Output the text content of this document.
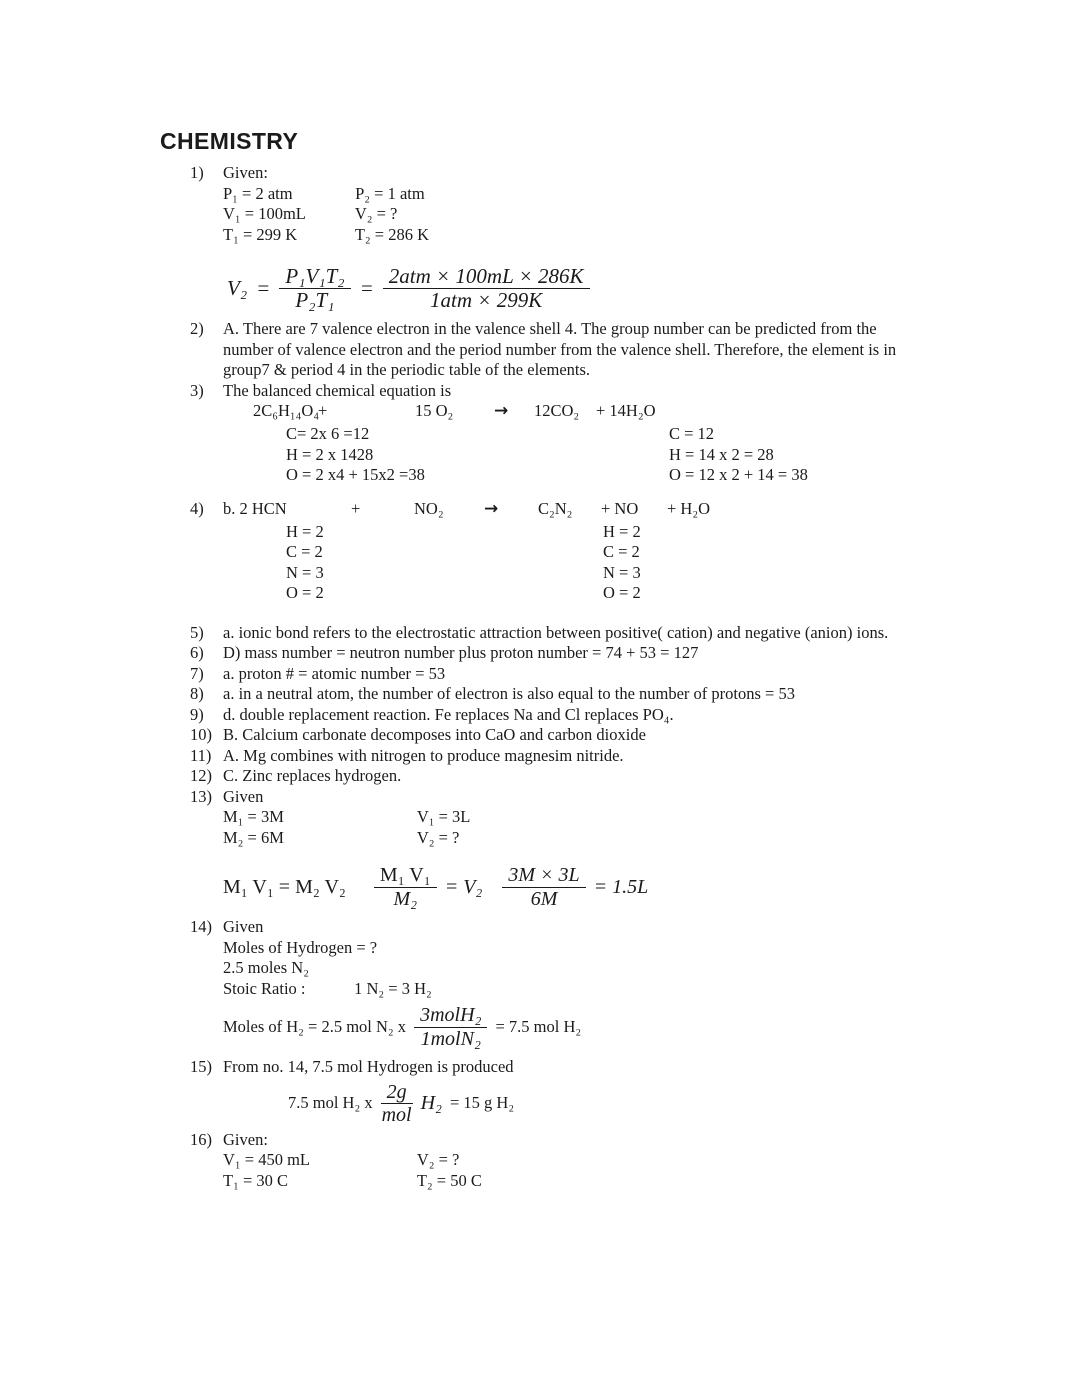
CHEMISTRY
1)	Given:
P₁ = 2 atm	P₂ = 1 atm
V₁ = 100mL	V₂ = ?
T₁ = 299 K	T₂ = 286 K
$V_2 = \frac{\text{P₁V₁T₂}}{\text{P₂T₁}} = \frac{\text{2atm × 100mL × 286K}}{\text{1atm × 299K}}$
2)	A. There are 7 valence electron in the valence shell 4. The group number can be predicted from the number of valence electron and the period number from the valence shell. Therefore, the element is in group7 & period 4 in the periodic table of the elements.
3)	The balanced chemical equation is
2C₆H₁₄O₄
+	15 O₂ → 12CO₂ + 14H₂O
C= 2x 6 =12	C = 12
H = 2 x 1428	H = 14 x 2 = 28
O = 2 x4 + 15x2 =38	O = 12 x 2 + 14 = 38
4)	b. 2 HCN	+	NO₂ → C₂N₂ + NO + H₂O
H = 2	H = 2
C = 2	C = 2
N = 3	N = 3
O = 2	O = 2
5)	a. ionic bond refers to the electrostatic attraction between positive( cation) and negative (anion) ions.
6)	D) mass number = neutron number plus proton number = 74 + 53 = 127
7)	a. proton # = atomic number = 53
8)	a. in a neutral atom, the number of electron is also equal to the number of protons = 53
9)	d. double replacement reaction. Fe replaces Na and Cl replaces PO₄.
10) B. Calcium carbonate decomposes into CaO and carbon dioxide
11) A. Mg combines with nitrogen to produce magnesim nitride.
12) C. Zinc replaces hydrogen.
13) Given
M₁ = 3M	V₁ = 3L
M₂ = 6M	V₂ = ?
M₁ V₁ = M₂ $V_2 \frac{\text{M₁ V₁}}{\text{M₂}} = V_2 \frac{3M \times 3L}{6M} = 1.5L$
14) Given
Moles of Hydrogen = ?
2.5 moles N₂
Stoic Ratio :	1 N₂ = 3 H₂
Moles of H₂ = 2.5 mol N₂ x $\frac{\text{3molH₂}}{\text{1molN₂}} = 7.5$ mol H₂
15) From no. 14, 7.5 mol Hydrogen is produced
7.5 mol H₂ x $\frac{2g}{\text{mol}} H_2 = 15$ g H₂
16) Given:
V₁ = 450 mL	V₂ = ?
T₁ = 30 C	T₂ = 50 C
